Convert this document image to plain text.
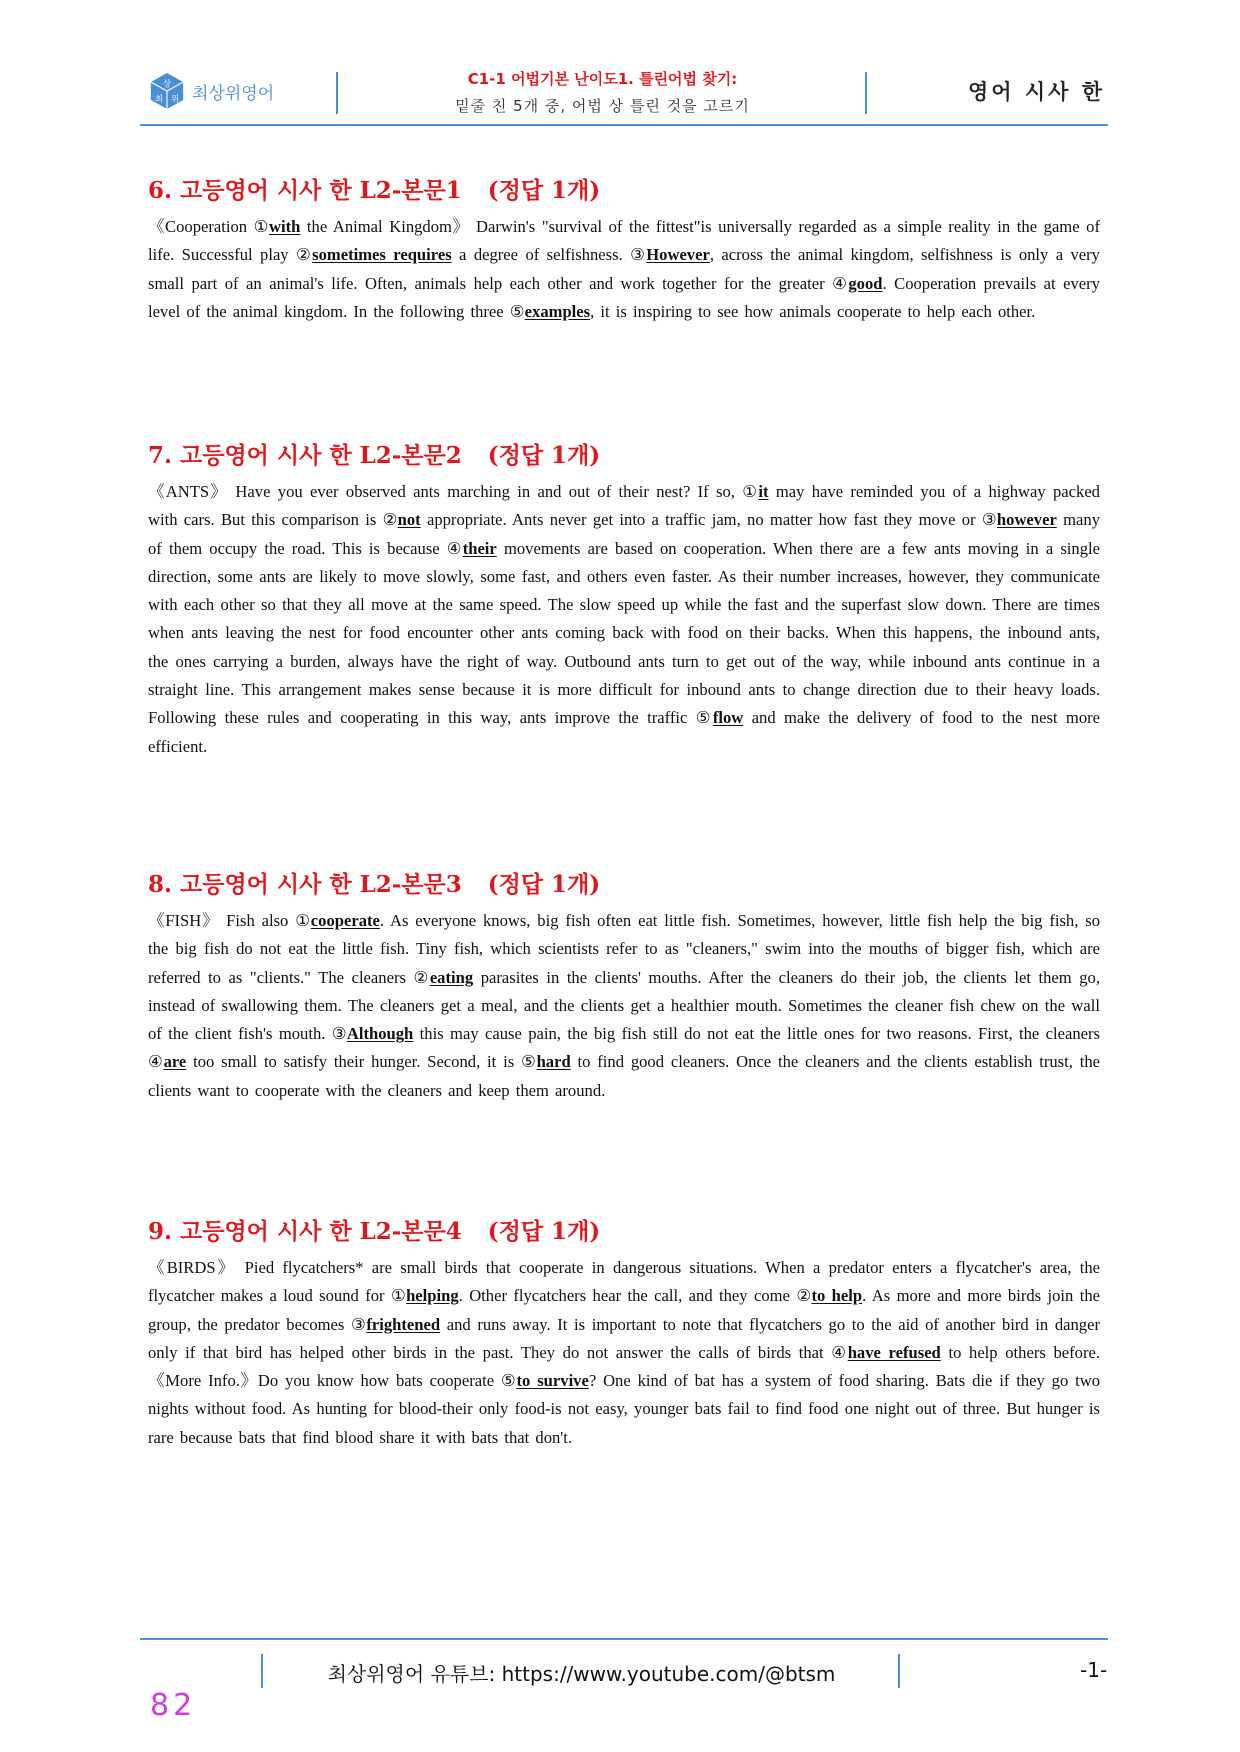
상
최 위 최상위영어
C1-1 어법기본 난이도1. 틀린어법 찾기:
밑줄 친 5개 중, 어법 상 틀린 것을 고르기
영어 시사 한
6. 고등영어 시사 한 L2-본문1 (정답 1개)

《Cooperation ①with the Animal Kingdom》 Darwin's "survival of the fittest"is universally regarded as a simple reality in the game of life. Successful play ②sometimes requires a degree of selfishness. ③However, across the animal kingdom, selfishness is only a very small part of an animal's life. Often, animals help each other and work together for the greater ④good. Cooperation prevails at every level of the animal kingdom. In the following three ⑤examples, it is inspiring to see how animals cooperate to help each other.

7. 고등영어 시사 한 L2-본문2 (정답 1개)

《ANTS》 Have you ever observed ants marching in and out of their nest? If so, ①it may have reminded you of a highway packed with cars. But this comparison is ②not appropriate. Ants never get into a traffic jam, no matter how fast they move or ③however many of them occupy the road. This is because ④their movements are based on cooperation. When there are a few ants moving in a single direction, some ants are likely to move slowly, some fast, and others even faster. As their number increases, however, they communicate with each other so that they all move at the same speed. The slow speed up while the fast and the superfast slow down. There are times when ants leaving the nest for food encounter other ants coming back with food on their backs. When this happens, the inbound ants, the ones carrying a burden, always have the right of way. Outbound ants turn to get out of the way, while inbound ants continue in a straight line. This arrangement makes sense because it is more difficult for inbound ants to change direction due to their heavy loads. Following these rules and cooperating in this way, ants improve the traffic ⑤flow and make the delivery of food to the nest more efficient.

8. 고등영어 시사 한 L2-본문3 (정답 1개)

《FISH》 Fish also ①cooperate. As everyone knows, big fish often eat little fish. Sometimes, however, little fish help the big fish, so the big fish do not eat the little fish. Tiny fish, which scientists refer to as "cleaners," swim into the mouths of bigger fish, which are referred to as "clients." The cleaners ②eating parasites in the clients' mouths. After the cleaners do their job, the clients let them go, instead of swallowing them. The cleaners get a meal, and the clients get a healthier mouth. Sometimes the cleaner fish chew on the wall of the client fish's mouth. ③Although this may cause pain, the big fish still do not eat the little ones for two reasons. First, the cleaners ④are too small to satisfy their hunger. Second, it is ⑤hard to find good cleaners. Once the cleaners and the clients establish trust, the clients want to cooperate with the cleaners and keep them around.

9. 고등영어 시사 한 L2-본문4 (정답 1개)

《BIRDS》 Pied flycatchers* are small birds that cooperate in dangerous situations. When a predator enters a flycatcher's area, the flycatcher makes a loud sound for ①helping. Other flycatchers hear the call, and they come ②to help. As more and more birds join the group, the predator becomes ③frightened and runs away. It is important to note that flycatchers go to the aid of another bird in danger only if that bird has helped other birds in the past. They do not answer the calls of birds that ④have refused to help others before.《More Info.》Do you know how bats cooperate ⑤to survive? One kind of bat has a system of food sharing. Bats die if they go two nights without food. As hunting for blood-their only food-is not easy, younger bats fail to find food one night out of three. But hunger is rare because bats that find blood share it with bats that don't.

최상위영어 유튜브: https://www.youtube.com/@btsm	-1-
82
